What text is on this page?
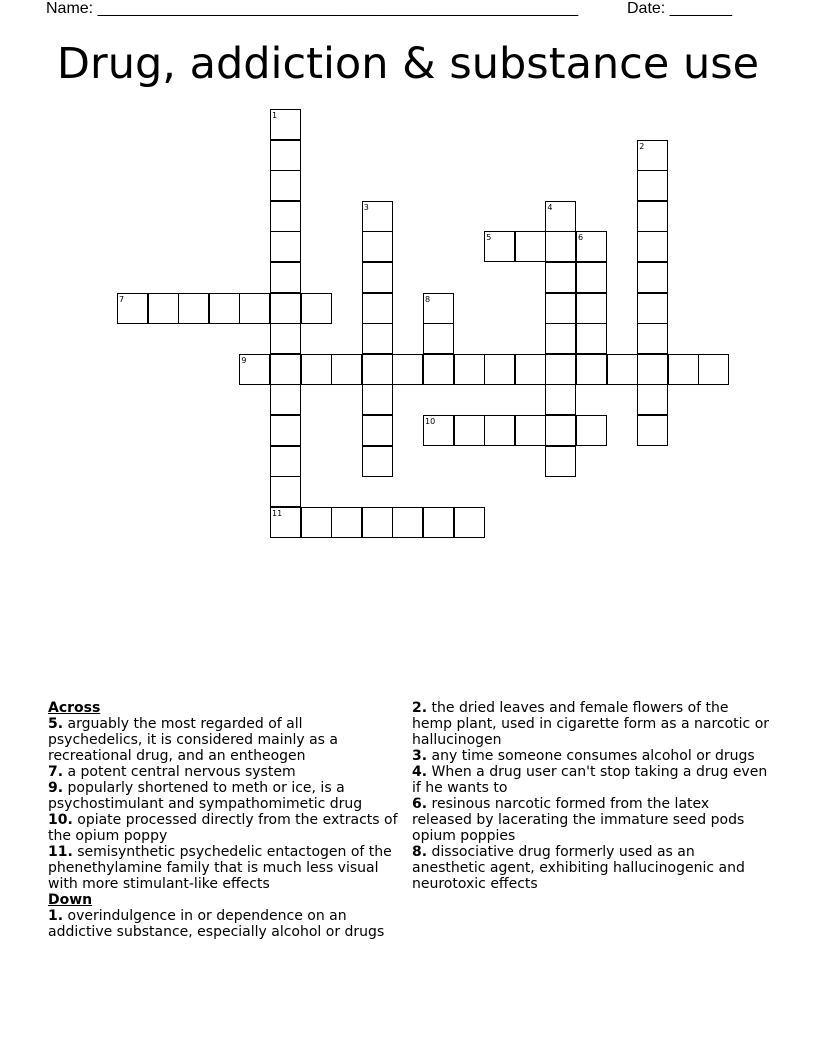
Name: ______________________________________________________	Date: _______
Drug, addiction & substance use
1
2
3	4
5	6
7	8
9
10
11
Across
5. arguably the most regarded of all psychedelics, it is considered mainly as a recreational drug, and an entheogen
7. a potent central nervous system
9. popularly shortened to meth or ice, is a psychostimulant and sympathomimetic drug
10. opiate processed directly from the extracts of the opium poppy
11. semisynthetic psychedelic entactogen of the phenethylamine family that is much less visual with more stimulant-like effects
Down
1. overindulgence in or dependence on an addictive substance, especially alcohol or drugs
2. the dried leaves and female flowers of the hemp plant, used in cigarette form as a narcotic or hallucinogen
3. any time someone consumes alcohol or drugs
4. When a drug user can't stop taking a drug even if he wants to
6. resinous narcotic formed from the latex released by lacerating the immature seed pods opium poppies
8. dissociative drug formerly used as an anesthetic agent, exhibiting hallucinogenic and neurotoxic effects
